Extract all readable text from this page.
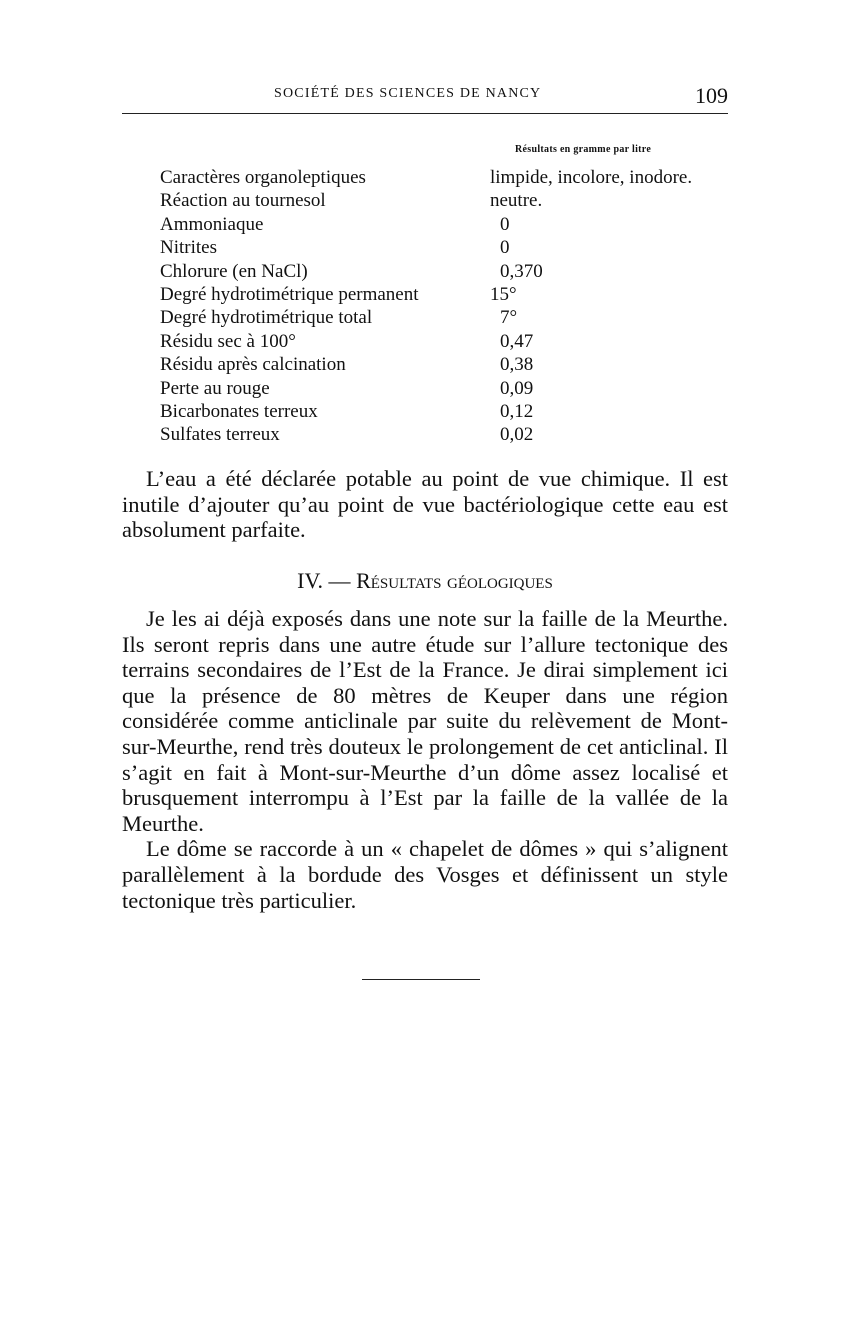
SOCIÉTÉ DES SCIENCES DE NANCY	109
Résultats en gramme par litre
Caractères organoleptiques	limpide, incolore, inodore.
Réaction au tournesol	neutre.
Ammoniaque	0
Nitrites	0
Chlorure (en NaCl)	0,370
Degré hydrotimétrique permanent	15°
Degré hydrotimétrique total	7°
Résidu sec à 100°	0,47
Résidu après calcination	0,38
Perte au rouge	0,09
Bicarbonates terreux	0,12
Sulfates terreux	0,02

L’eau a été déclarée potable au point de vue chimique. Il est inutile d’ajouter qu’au point de vue bactériologique cette eau est absolument parfaite.

IV. — Résultats géologiques

Je les ai déjà exposés dans une note sur la faille de la Meurthe. Ils seront repris dans une autre étude sur l’allure tectonique des terrains secondaires de l’Est de la France. Je dirai simplement ici que la présence de 80 mètres de Keuper dans une région considérée comme anticlinale par suite du relèvement de Mont-sur-Meurthe, rend très douteux le prolongement de cet anticlinal. Il s’agit en fait à Mont-sur-Meurthe d’un dôme assez localisé et brusquement interrompu à l’Est par la faille de la vallée de la Meurthe.

Le dôme se raccorde à un « chapelet de dômes » qui s’alignent parallèlement à la bordude des Vosges et définissent un style tectonique très particulier.
